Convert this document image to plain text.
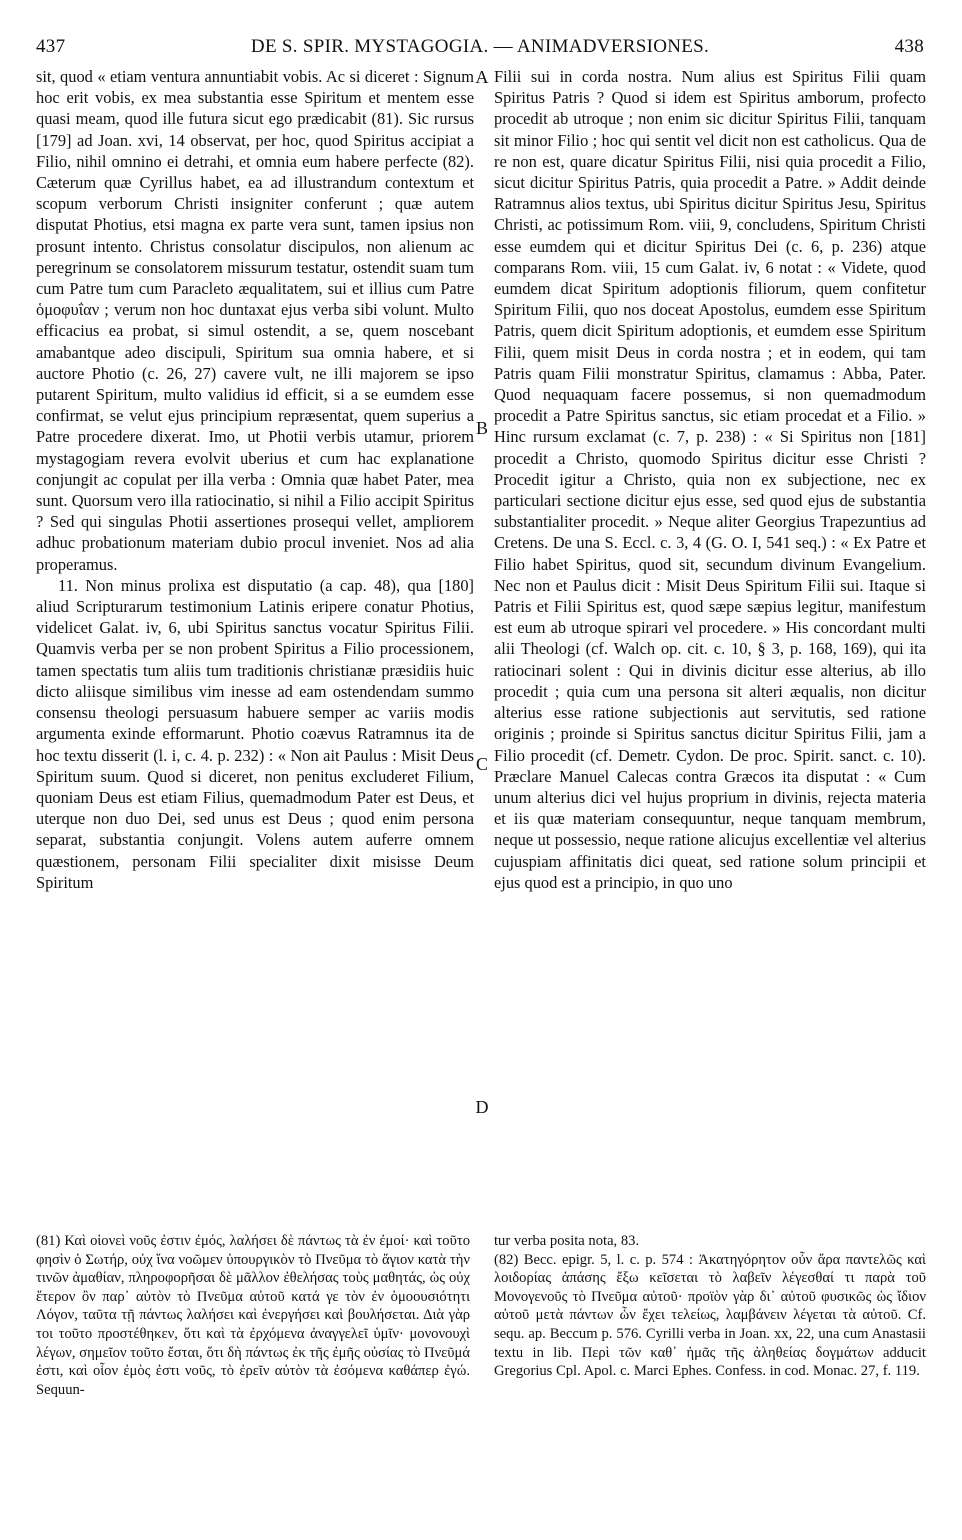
437	DE S. SPIR. MYSTAGOGIA. — ANIMADVERSIONES.	438

sit, quod « etiam ventura annuntiabit vobis. Ac si diceret : Signum hoc erit vobis, ex mea substantia esse Spiritum et mentem esse quasi meam, quod ille futura sicut ego prædicabit (81). Sic rursus [179] ad Joan. xvi, 14 observat, per hoc, quod Spiritus accipiat a Filio, nihil omnino ei detrahi, et omnia eum habere perfecte (82). Cæterum quæ Cyrillus habet, ea ad illustrandum contextum et scopum verborum Christi insigniter conferunt ; quæ autem disputat Photius, etsi magna ex parte vera sunt, tamen ipsius non prosunt intento. Christus consolatur discipulos, non alienum ac peregrinum se consolatorem missurum testatur, ostendit suam tum cum Patre tum cum Paracleto æqualitatem, sui et illius cum Patre ὁμοφυΐαν ; verum non hoc duntaxat ejus verba sibi volunt. Multo efficacius ea probat, si simul ostendit, a se, quem noscebant amabantque adeo discipuli, Spiritum sua omnia habere, et si auctore Photio (c. 26, 27) cavere vult, ne illi majorem se ipso putarent Spiritum, multo validius id efficit, si a se eumdem esse confirmat, se velut ejus principium repræsentat, quem superius a Patre procedere dixerat. Imo, ut Photii verbis utamur, priorem mystagogiam revera evolvit uberius et cum hac explanatione conjungit ac copulat per illa verba : Omnia quæ habet Pater, mea sunt. Quorsum vero illa ratiocinatio, si nihil a Filio accipit Spiritus ? Sed qui singulas Photii assertiones prosequi vellet, ampliorem adhuc probationum materiam dubio procul inveniet. Nos ad alia properamus.

11. Non minus prolixa est disputatio (a cap. 48), qua [180] aliud Scripturarum testimonium Latinis eripere conatur Photius, videlicet Galat. iv, 6, ubi Spiritus sanctus vocatur Spiritus Filii. Quamvis verba per se non probent Spiritus a Filio processionem, tamen spectatis tum aliis tum traditionis christianæ præsidiis huic dicto aliisque similibus vim inesse ad eam ostendendam summo consensu theologi persuasum habuere semper ac variis modis argumenta exinde efformarunt. Photio coævus Ratramnus ita de hoc textu disserit (l. i, c. 4. p. 232) : « Non ait Paulus : Misit Deus Spiritum suum. Quod si diceret, non penitus excluderet Filium, quoniam Deus est etiam Filius, quemadmodum Pater est Deus, et uterque non duo Dei, sed unus est Deus ; quod enim persona separat, substantia conjungit. Volens autem auferre omnem quæstionem, personam Filii specialiter dixit misisse Deum Spiritum

A
B
C
D

Filii sui in corda nostra. Num alius est Spiritus Filii quam Spiritus Patris ? Quod si idem est Spiritus amborum, profecto procedit ab utroque ; non enim sic dicitur Spiritus Filii, tanquam sit minor Filio ; hoc qui sentit vel dicit non est catholicus. Qua de re non est, quare dicatur Spiritus Filii, nisi quia procedit a Filio, sicut dicitur Spiritus Patris, quia procedit a Patre. » Addit deinde Ratramnus alios textus, ubi Spiritus dicitur Spiritus Jesu, Spiritus Christi, ac potissimum Rom. viii, 9, concludens, Spiritum Christi esse eumdem qui et dicitur Spiritus Dei (c. 6, p. 236) atque comparans Rom. viii, 15 cum Galat. iv, 6 notat : « Videte, quod eumdem dicat Spiritum adoptionis filiorum, quem confitetur Spiritum Filii, quo nos doceat Apostolus, eumdem esse Spiritum Patris, quem dicit Spiritum adoptionis, et eumdem esse Spiritum Filii, quem misit Deus in corda nostra ; et in eodem, qui tam Patris quam Filii monstratur Spiritus, clamamus : Abba, Pater. Quod nequaquam facere possemus, si non quemadmodum procedit a Patre Spiritus sanctus, sic etiam procedat et a Filio. » Hinc rursum exclamat (c. 7, p. 238) : « Si Spiritus non [181] procedit a Christo, quomodo Spiritus dicitur esse Christi ? Procedit igitur a Christo, quia non ex subjectione, nec ex particulari sectione dicitur ejus esse, sed quod ejus de substantia substantialiter procedit. » Neque aliter Georgius Trapezuntius ad Cretens. De una S. Eccl. c. 3, 4 (G. O. I, 541 seq.) : « Ex Patre et Filio habet Spiritus, quod sit, secundum divinum Evangelium. Nec non et Paulus dicit : Misit Deus Spiritum Filii sui. Itaque si Patris et Filii Spiritus est, quod sæpe sæpius legitur, manifestum est eum ab utroque spirari vel procedere. » His concordant multi alii Theologi (cf. Walch op. cit. c. 10, § 3, p. 168, 169), qui ita ratiocinari solent : Qui in divinis dicitur esse alterius, ab illo procedit ; quia cum una persona sit alteri æqualis, non dicitur alterius esse ratione subjectionis aut servitutis, sed ratione originis ; proinde si Spiritus sanctus dicitur Spiritus Filii, jam a Filio procedit (cf. Demetr. Cydon. De proc. Spirit. sanct. c. 10). Præclare Manuel Calecas contra Græcos ita disputat : « Cum unum alterius dici vel hujus proprium in divinis, rejecta materia et iis quæ materiam consequuntur, neque tanquam membrum, neque ut possessio, neque ratione alicujus excellentiæ vel alterius cujuspiam affinitatis dici queat, sed ratione solum principii et ejus quod est a principio, in quo uno

(81) Καὶ οἱονεὶ νοῦς ἐστιν ἐμός, λαλήσει δὲ πάντως τὰ ἐν ἐμοί· καὶ τοῦτο φησὶν ὁ Σωτήρ, οὐχ ἵνα νοῶμεν ὑπουργικὸν τὸ Πνεῦμα τὸ ἅγιον κατὰ τὴν τινῶν ἀμαθίαν, πληροφορῆσαι δὲ μᾶλλον ἐθελήσας τοὺς μαθητάς, ὡς οὐχ ἕτερον ὂν παρ᾽ αὐτὸν τὸ Πνεῦμα αὐτοῦ κατά γε τὸν ἐν ὁμοουσιότητι Λόγον, ταῦτα τῇ πάντως λαλήσει καὶ ἐνεργήσει καὶ βουλήσεται. Διὰ γὰρ τοι τοῦτο προστέθηκεν, ὅτι καὶ τὰ ἐρχόμενα ἀναγγελεῖ ὑμῖν· μονονουχὶ λέγων, σημεῖον τοῦτο ἔσται, ὅτι δὴ πάντως ἐκ τῆς ἐμῆς οὐσίας τὸ Πνεῦμά ἐστι, καὶ οἷον ἐμὸς ἐστι νοῦς, τὸ ἐρεῖν αὐτὸν τὰ ἐσόμενα καθάπερ ἐγώ. Sequun-

tur verba posita nota, 83.

(82) Becc. epigr. 5, l. c. p. 574 : Ἀκατηγόρητον οὖν ἄρα παντελῶς καὶ λοιδορίας ἁπάσης ἔξω κεῖσεται τὸ λαβεῖν λέγεσθαί τι παρὰ τοῦ Μονογενοῦς τὸ Πνεῦμα αὐτοῦ· προϊὸν γὰρ δι᾽ αὐτοῦ φυσικῶς ὡς ἴδιον αὐτοῦ μετὰ πάντων ὧν ἔχει τελείως, λαμβάνειν λέγεται τὰ αὐτοῦ. Cf. sequ. ap. Beccum p. 576. Cyrilli verba in Joan. xx, 22, una cum Anastasii textu in lib. Περὶ τῶν καθ᾽ ἡμᾶς τῆς ἀληθείας δογμάτων adducit Gregorius Cpl. Apol. c. Marci Ephes. Confess. in cod. Monac. 27, f. 119.
